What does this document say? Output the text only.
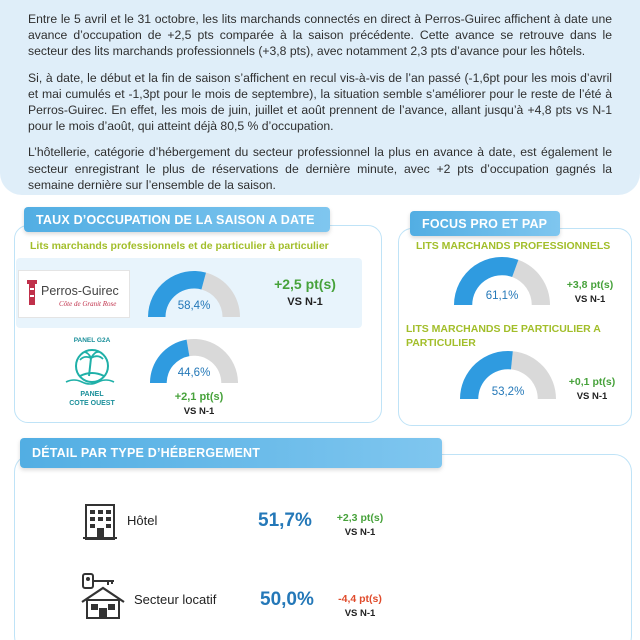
Entre le 5 avril et le 31 octobre, les lits marchands connectés en direct à Perros-Guirec affichent à date une avance d’occupation de +2,5 pts comparée à la saison précédente. Cette avance se retrouve dans le secteur des lits marchands professionnels (+3,8 pts), avec notamment 2,3 pts d’avance pour les hôtels.

Si, à date, le début et la fin de saison s’affichent en recul vis-à-vis de l’an passé (-1,6pt pour les mois d’avril et mai cumulés et -1,3pt pour le mois de septembre), la situation semble s’améliorer pour le reste de l’été à Perros-Guirec. En effet, les mois de juin, juillet et août prennent de l’avance, allant jusqu’à +4,8 pts vs N-1 pour le mois d’août, qui atteint déjà 80,5 % d’occupation.

L’hôtellerie, catégorie d’hébergement du secteur professionnel la plus en avance à date, est également le secteur enregistrant le plus de réservations de dernière minute, avec +2 pts d’occupation gagnés la semaine dernière sur l’ensemble de la saison.

TAUX D’OCCUPATION DE LA SAISON A DATE
Lits marchands professionnels et de particulier à particulier
Perros-Guirec
Côte de Granit Rose	58,4%
+2,5 pt(s)
VS N-1
PANEL G2A
PANEL
COTE OUEST
44,6%
+2,1 pt(s)
VS N-1
FOCUS PRO ET PAP
LITS MARCHANDS PROFESSIONNELS
61,1%
+3,8 pt(s)
VS N-1
LITS MARCHANDS DE PARTICULIER A PARTICULIER
53,2%
+0,1 pt(s)
VS N-1
DÉTAIL PAR TYPE D’HÉBERGEMENT
Hôtel	51,7%	+2,3 pt(s)
VS N-1
Secteur locatif 50,0%	-4,4 pt(s)
VS N-1
